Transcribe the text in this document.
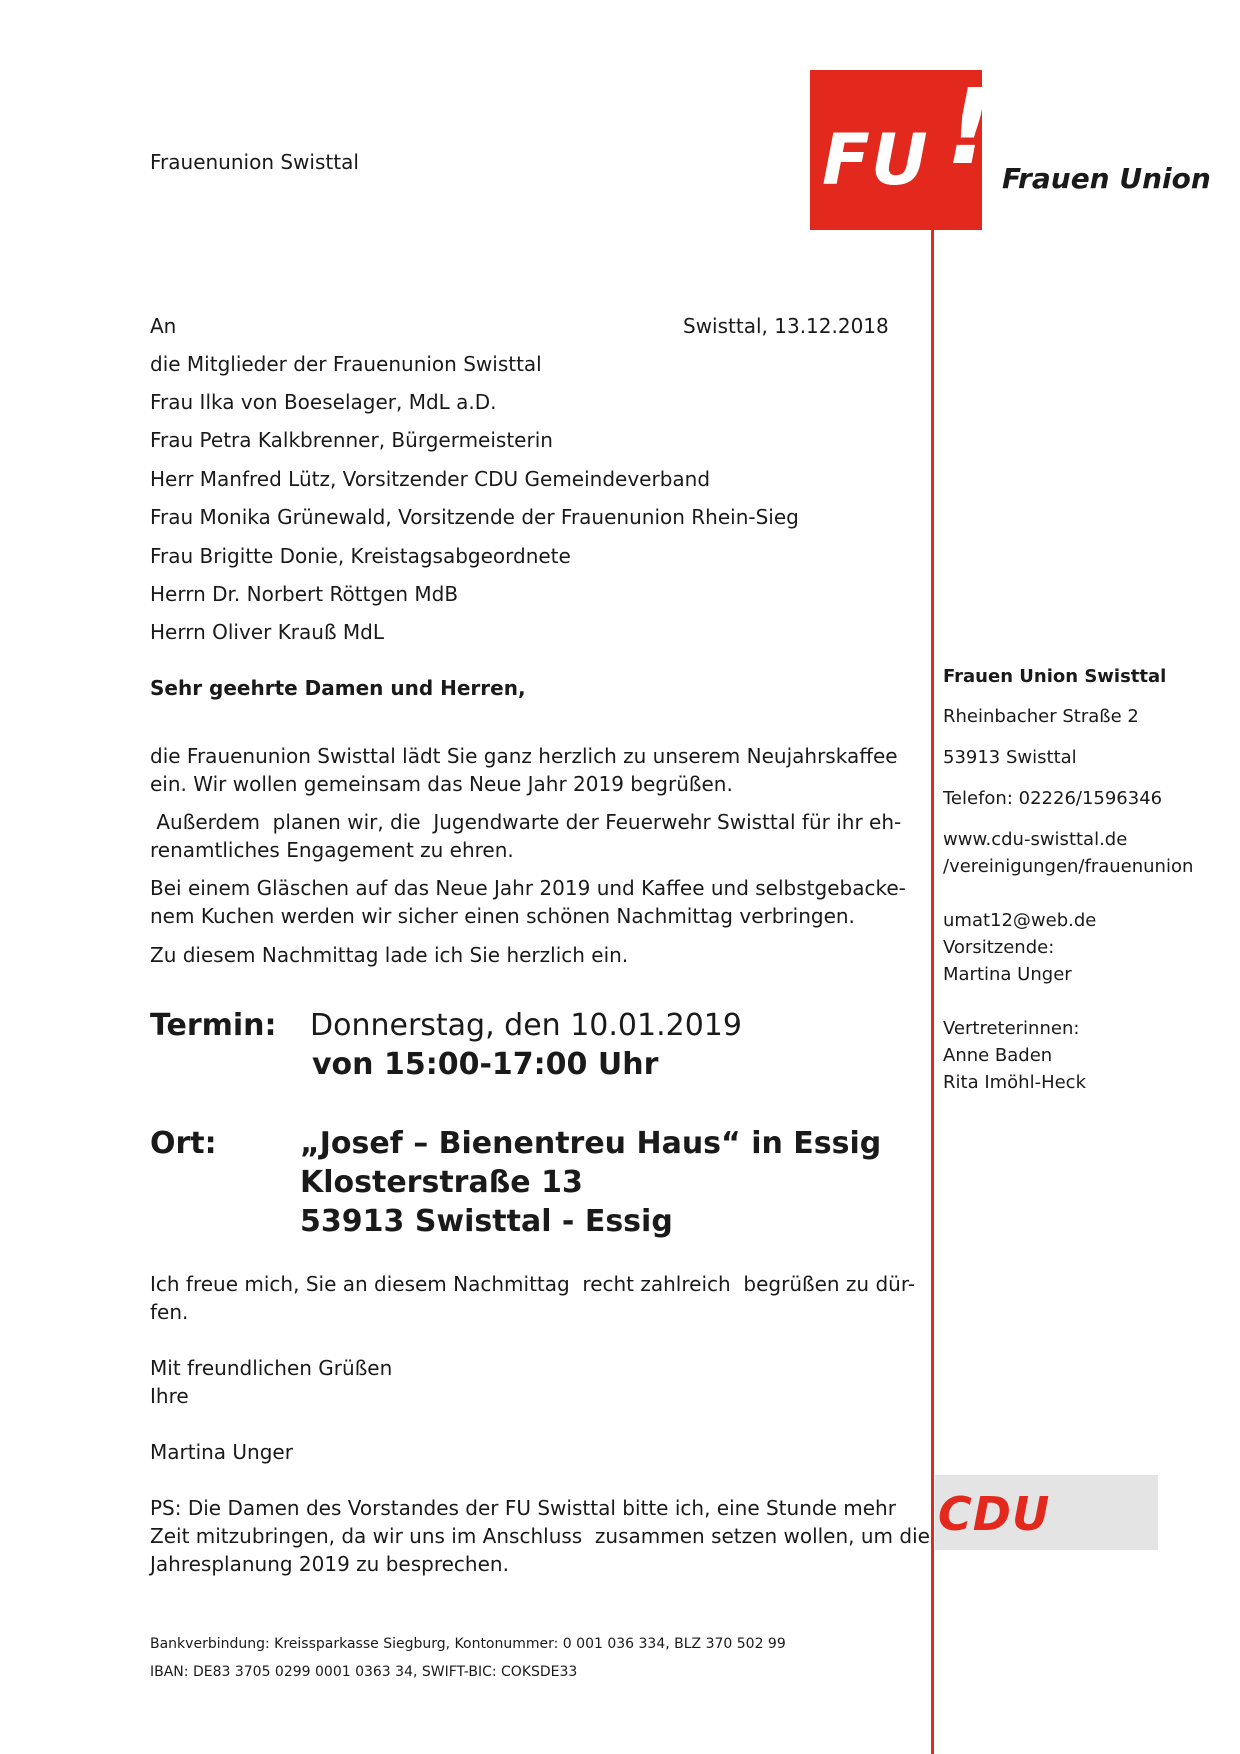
Frauenunion Swisttal	FU ! Frauen Union
An	Swisttal, 13.12.2018
die Mitglieder der Frauenunion Swisttal
Frau Ilka von Boeselager, MdL a.D.
Frau Petra Kalkbrenner, Bürgermeisterin
Herr Manfred Lütz, Vorsitzender CDU Gemeindeverband
Frau Monika Grünewald, Vorsitzende der Frauenunion Rhein-Sieg
Frau Brigitte Donie, Kreistagsabgeordnete
Herrn Dr. Norbert Röttgen MdB
Herrn Oliver Krauß MdL
Sehr geehrte Damen und Herren,
die Frauenunion Swisttal lädt Sie ganz herzlich zu unserem Neujahrskaffee
ein. Wir wollen gemeinsam das Neue Jahr 2019 begrüßen.
Außerdem  planen wir, die  Jugendwarte der Feuerwehr Swisttal für ihr eh-
renamtliches Engagement zu ehren.
Bei einem Gläschen auf das Neue Jahr 2019 und Kaffee und selbstgebacke-
nem Kuchen werden wir sicher einen schönen Nachmittag verbringen.
Zu diesem Nachmittag lade ich Sie herzlich ein.
Termin: Donnerstag, den 10.01.2019
von 15:00-17:00 Uhr
Ort:	„Josef – Bienentreu Haus“ in Essig
Klosterstraße 13
53913 Swisttal - Essig
Ich freue mich, Sie an diesem Nachmittag  recht zahlreich  begrüßen zu dür-
fen.
Mit freundlichen Grüßen
Ihre
Martina Unger
PS: Die Damen des Vorstandes der FU Swisttal bitte ich, eine Stunde mehr
Zeit mitzubringen, da wir uns im Anschluss  zusammen setzen wollen, um die
Jahresplanung 2019 zu besprechen.
Frauen Union Swisttal
Rheinbacher Straße 2
53913 Swisttal
Telefon: 02226/1596346
www.cdu-swisttal.de
/vereinigungen/frauenunion
umat12@web.de
Vorsitzende:
Martina Unger
Vertreterinnen:
Anne Baden
Rita Imöhl-Heck
CDU
Bankverbindung: Kreissparkasse Siegburg, Kontonummer: 0 001 036 334, BLZ 370 502 99
IBAN: DE83 3705 0299 0001 0363 34, SWIFT-BIC: COKSDE33
